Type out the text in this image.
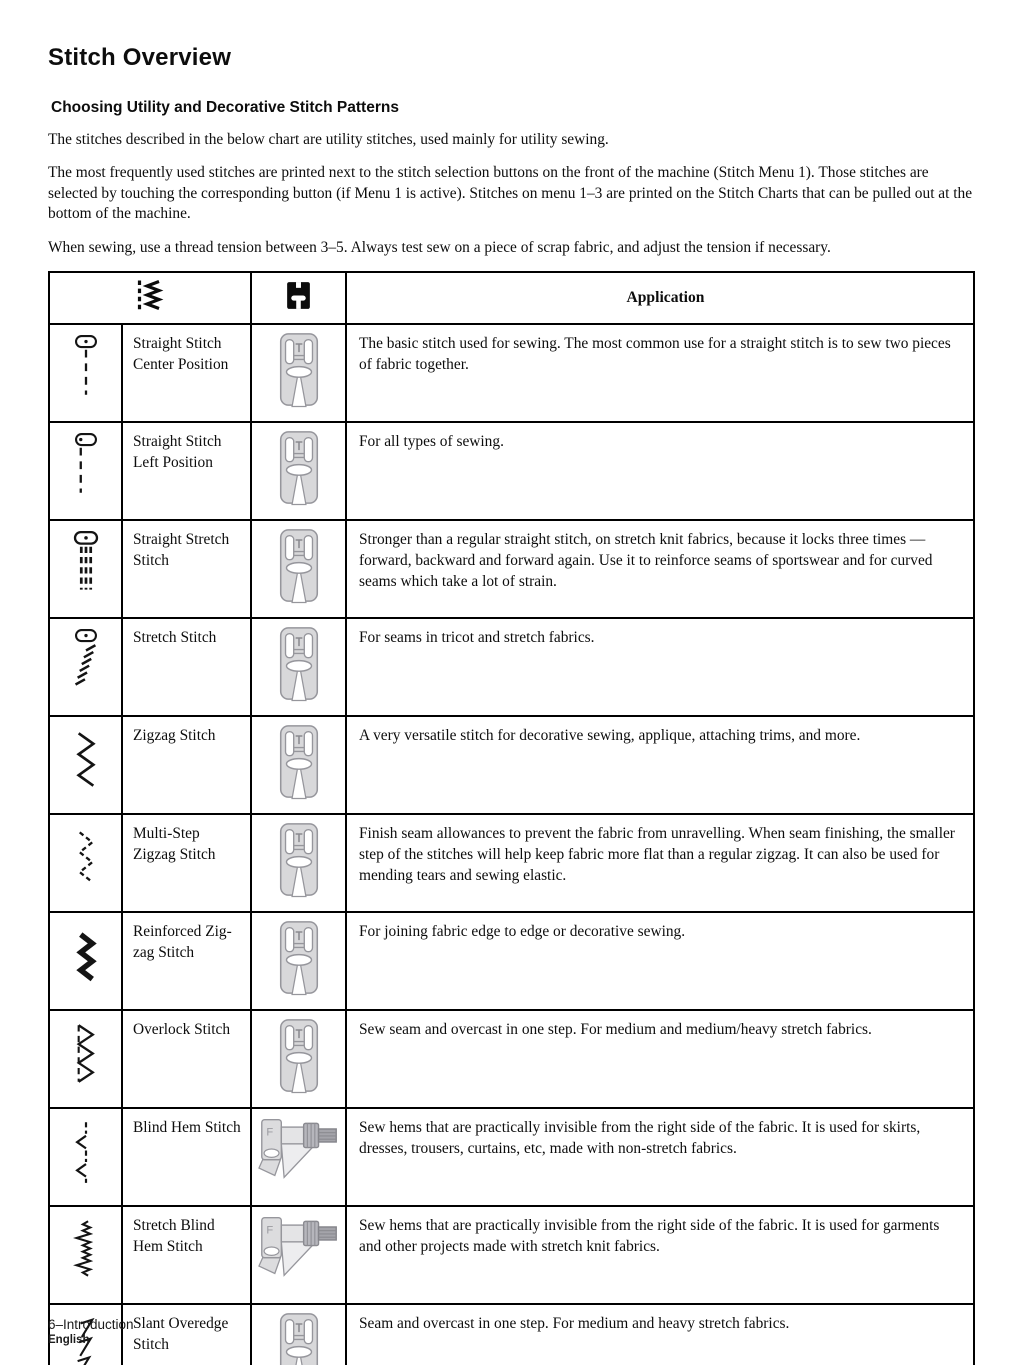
Stitch Overview
Choosing Utility and Decorative Stitch Patterns

The stitches described in the below chart are utility stitches, used mainly for utility sewing.

The most frequently used stitches are printed next to the stitch selection buttons on the front of the machine (Stitch Menu 1). Those stitches are selected by touching the corresponding button (if Menu 1 is active). Stitches on menu 1–3 are printed on the Stitch Charts that can be pulled out at the bottom of the machine.

When sewing, use a thread tension between 3–5. Always test sew on a piece of scrap fabric, and adjust the tension if necessary.

		Application
	Straight Stitch Center Position		The basic stitch used for sewing. The most common use for a straight stitch is to sew two pieces of fabric together.
	Straight Stitch Left Position		For all types of sewing.
	Straight Stretch Stitch		Stronger than a regular straight stitch, on stretch knit fabrics, because it locks three times — forward, backward and forward again. Use it to reinforce seams of sportswear and for curved seams which take a lot of strain.
	Stretch Stitch		For seams in tricot and stretch fabrics.
	Zigzag Stitch		A very versatile stitch for decorative sewing, applique, attaching trims, and more.
	Multi-Step Zigzag Stitch		Finish seam allowances to prevent the fabric from unravelling. When seam finishing, the smaller step of the stitches will help keep fabric more flat than a regular zigzag. It can also be used for mending tears and sewing elastic.
	Reinforced Zig-zag Stitch		For joining fabric edge to edge or decorative sewing.
	Overlock Stitch		Sew seam and overcast in one step. For medium and medium/heavy stretch fabrics.
	Blind Hem Stitch		Sew hems that are practically invisible from the right side of the fabric. It is used for skirts, dresses, trousers, curtains, etc, made with non-stretch fabrics.
	Stretch Blind Hem Stitch		Sew hems that are practically invisible from the right side of the fabric. It is used for garments and other projects made with stretch knit fabrics.
	Slant Overedge Stitch		Seam and overcast in one step. For medium and heavy stretch fabrics.
6–Introduction
English
